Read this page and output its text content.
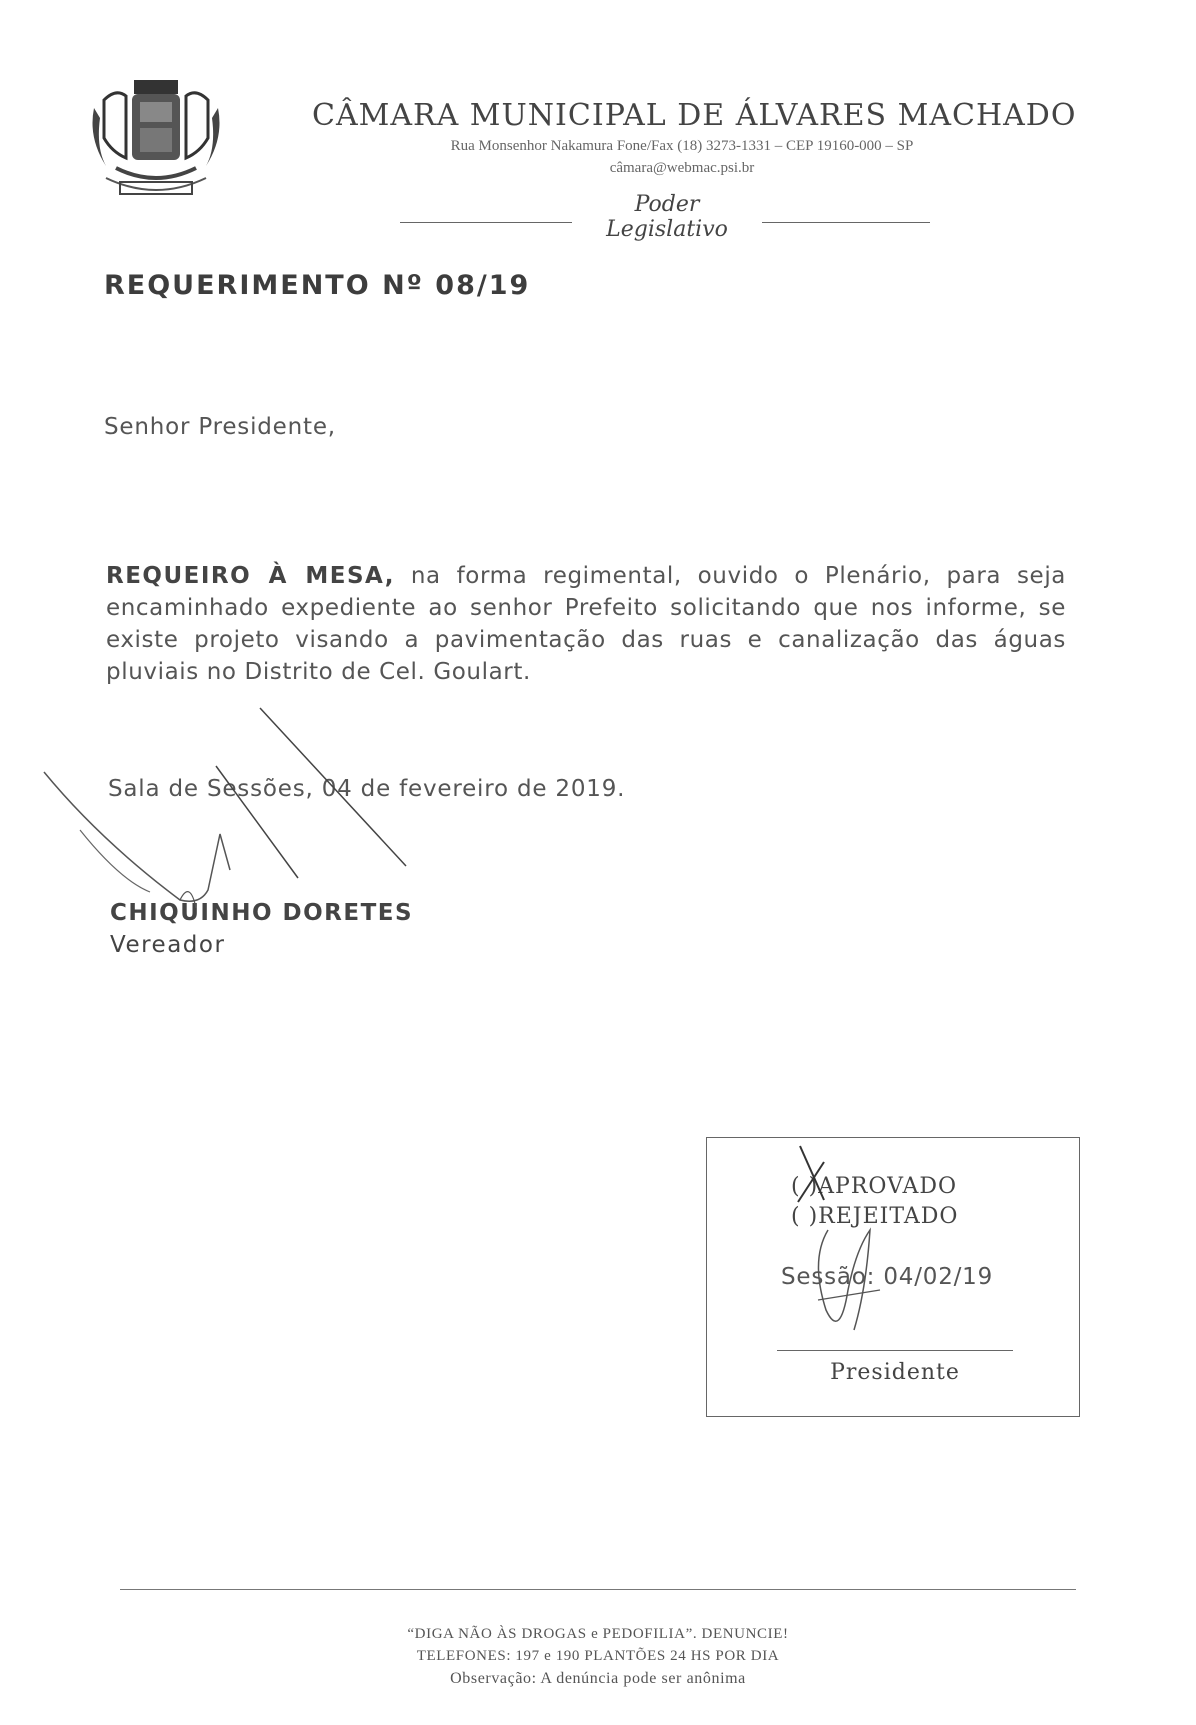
CÂMARA MUNICIPAL DE ÁLVARES MACHADO
Rua Monsenhor Nakamura Fone/Fax (18) 3273-1331 – CEP 19160-000 – SP
câmara@webmac.psi.br
Poder Legislativo
REQUERIMENTO Nº 08/19
Senhor Presidente,

REQUEIRO À MESA, na forma regimental, ouvido o Plenário, para seja encaminhado expediente ao senhor Prefeito solicitando que nos informe, se existe projeto visando a pavimentação das ruas e canalização das águas pluviais no Distrito de Cel. Goulart.

Sala de Sessões, 04 de fevereiro de 2019.
CHIQUINHO DORETES
Vereador
( )APROVADO
( )REJEITADO
Sessão: 04/02/19
Presidente
“DIGA NÃO ÀS DROGAS e PEDOFILIA”. DENUNCIE!
TELEFONES: 197 e 190 PLANTÕES 24 HS POR DIA
Observação: A denúncia pode ser anônima
